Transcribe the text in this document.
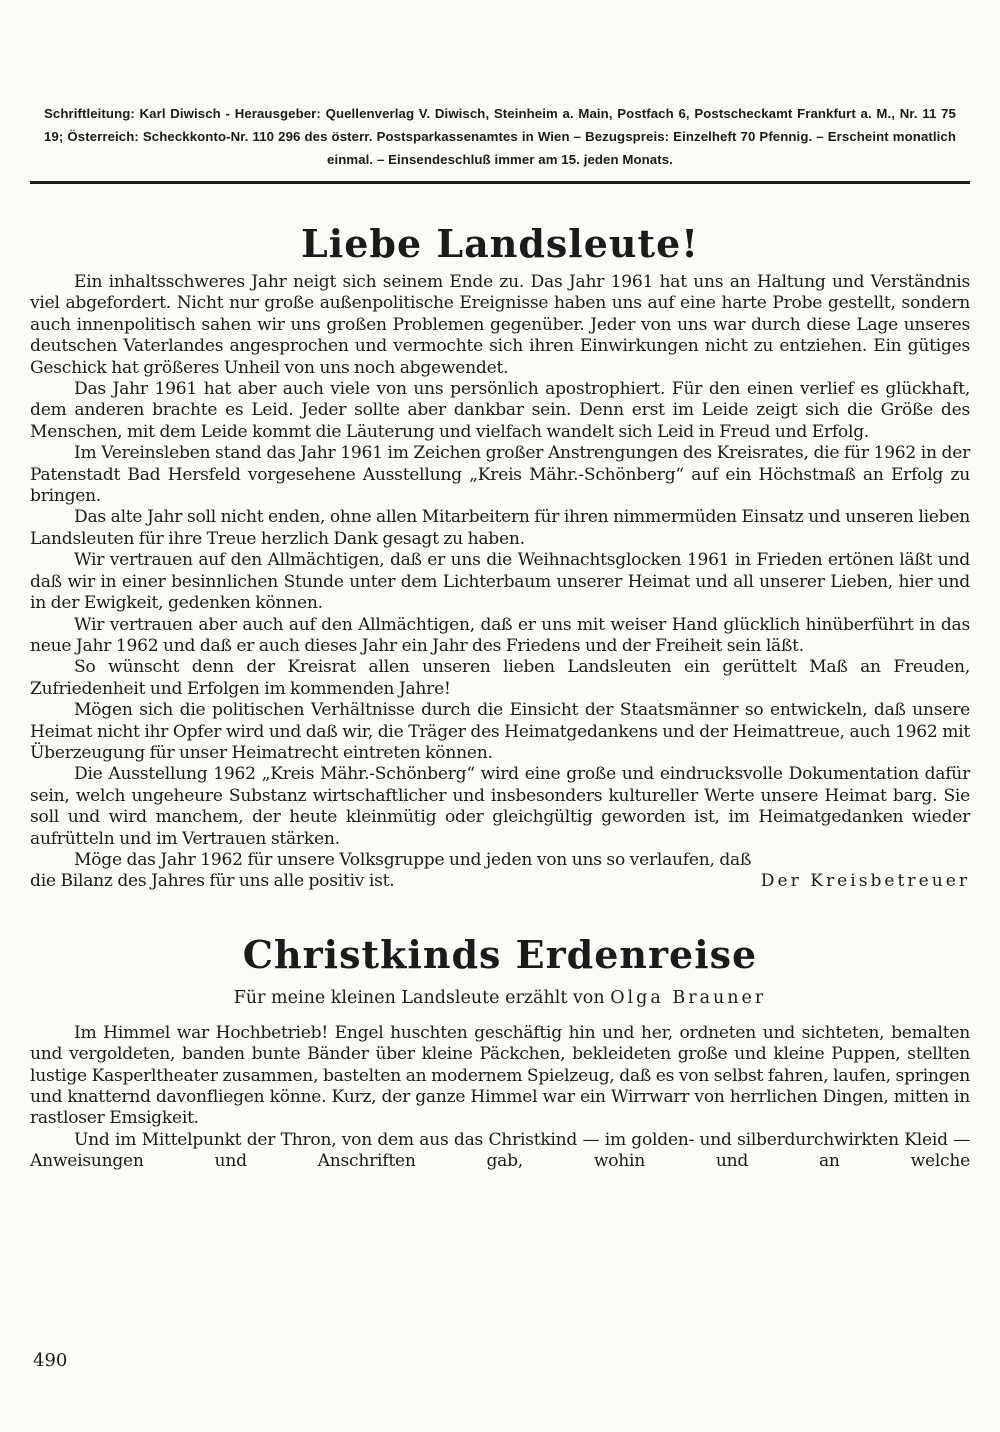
Schriftleitung: Karl Diwisch - Herausgeber: Quellenverlag V. Diwisch, Steinheim a. Main, Postfach 6, Postscheckamt Frankfurt a. M., Nr. 11 75 19; Österreich: Scheckkonto-Nr. 110 296 des österr. Postsparkassenamtes in Wien – Bezugspreis: Einzelheft 70 Pfennig. – Erscheint monatlich einmal. – Einsendeschluß immer am 15. jeden Monats.
Liebe Landsleute!

Ein inhaltsschweres Jahr neigt sich seinem Ende zu. Das Jahr 1961 hat uns an Haltung und Verständnis viel abgefordert. Nicht nur große außenpolitische Ereignisse haben uns auf eine harte Probe gestellt, sondern auch innenpolitisch sahen wir uns großen Problemen gegenüber. Jeder von uns war durch diese Lage unseres deutschen Vaterlandes angesprochen und vermochte sich ihren Einwirkungen nicht zu entziehen. Ein gütiges Geschick hat größeres Unheil von uns noch abgewendet.

Das Jahr 1961 hat aber auch viele von uns persönlich apostrophiert. Für den einen verlief es glückhaft, dem anderen brachte es Leid. Jeder sollte aber dankbar sein. Denn erst im Leide zeigt sich die Größe des Menschen, mit dem Leide kommt die Läuterung und vielfach wandelt sich Leid in Freud und Erfolg.

Im Vereinsleben stand das Jahr 1961 im Zeichen großer Anstrengungen des Kreisrates, die für 1962 in der Patenstadt Bad Hersfeld vorgesehene Ausstellung „Kreis Mähr.-Schönberg“ auf ein Höchstmaß an Erfolg zu bringen.

Das alte Jahr soll nicht enden, ohne allen Mitarbeitern für ihren nimmermüden Einsatz und unseren lieben Landsleuten für ihre Treue herzlich Dank gesagt zu haben.

Wir vertrauen auf den Allmächtigen, daß er uns die Weihnachtsglocken 1961 in Frieden ertönen läßt und daß wir in einer besinnlichen Stunde unter dem Lichterbaum unserer Heimat und all unserer Lieben, hier und in der Ewigkeit, gedenken können.

Wir vertrauen aber auch auf den Allmächtigen, daß er uns mit weiser Hand glücklich hinüberführt in das neue Jahr 1962 und daß er auch dieses Jahr ein Jahr des Friedens und der Freiheit sein läßt.

So wünscht denn der Kreisrat allen unseren lieben Landsleuten ein gerüttelt Maß an Freuden, Zufriedenheit und Erfolgen im kommenden Jahre!

Mögen sich die politischen Verhältnisse durch die Einsicht der Staatsmänner so entwickeln, daß unsere Heimat nicht ihr Opfer wird und daß wir, die Träger des Heimatgedankens und der Heimattreue, auch 1962 mit Überzeugung für unser Heimatrecht eintreten können.

Die Ausstellung 1962 „Kreis Mähr.-Schönberg“ wird eine große und eindrucksvolle Dokumentation dafür sein, welch ungeheure Substanz wirtschaftlicher und insbesonders kultureller Werte unsere Heimat barg. Sie soll und wird manchem, der heute kleinmütig oder gleichgültig geworden ist, im Heimatgedanken wieder aufrütteln und im Vertrauen stärken.

Möge das Jahr 1962 für unsere Volksgruppe und jeden von uns so verlaufen, daß

die Bilanz des Jahres für uns alle positiv ist.	Der Kreisbetreuer
Christkinds Erdenreise
Für meine kleinen Landsleute erzählt von Olga Brauner

Im Himmel war Hochbetrieb! Engel huschten geschäftig hin und her, ordneten und sichteten, bemalten und vergoldeten, banden bunte Bänder über kleine Päckchen, bekleideten große und kleine Puppen, stellten lustige Kasperltheater zusammen, bastelten an modernem Spielzeug, daß es von selbst fahren, laufen, springen und knatternd davonfliegen könne. Kurz, der ganze Himmel war ein Wirrwarr von herrlichen Dingen, mitten in rastloser Emsigkeit.

Und im Mittelpunkt der Thron, von dem aus das Christkind — im golden- und silberdurchwirkten Kleid — Anweisungen und Anschriften gab, wohin und an welche

490
